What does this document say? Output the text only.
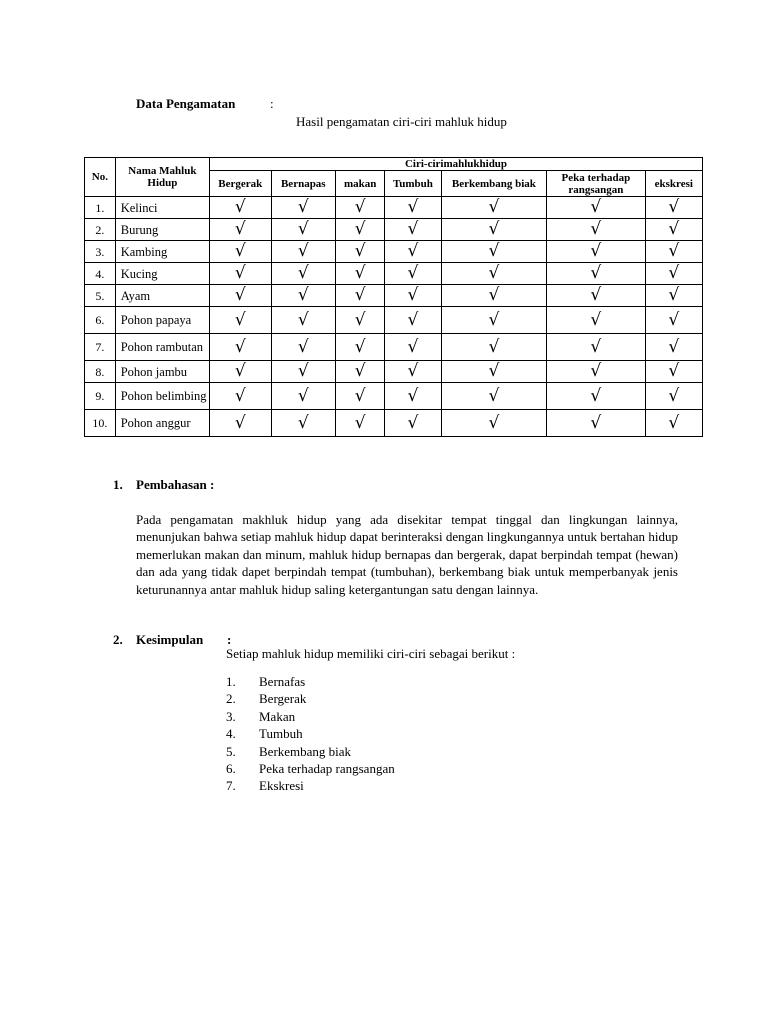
Data Pengamatan	:
Hasil pengamatan ciri-ciri mahluk hidup
No.	Nama Mahluk Hidup	Ciri-cirimahlukhidup						
		Bergerak	Bernapas	makan	Tumbuh	Berkembang biak	Peka terhadap rangsangan	ekskresi
1.	Kelinci	√	√	√	√	√	√	√
2.	Burung	√	√	√	√	√	√	√
3.	Kambing	√	√	√	√	√	√	√
4.	Kucing	√	√	√	√	√	√	√
5.	Ayam	√	√	√	√	√	√	√
6.	Pohon papaya	√	√	√	√	√	√	√
7.	Pohon rambutan	√	√	√	√	√	√	√
8.	Pohon jambu	√	√	√	√	√	√	√
9.	Pohon belimbing	√	√	√	√	√	√	√
10.	Pohon anggur	√	√	√	√	√	√	√
1. Pembahasan :
Pada pengamatan makhluk hidup yang ada disekitar tempat tinggal dan lingkungan lainnya, menunjukan bahwa setiap mahluk hidup dapat berinteraksi dengan lingkungannya untuk bertahan hidup memerlukan makan dan minum, mahluk hidup bernapas dan bergerak, dapat berpindah tempat (hewan) dan ada yang tidak dapet berpindah tempat (tumbuhan), berkembang biak untuk memperbanyak jenis keturunannya antar mahluk hidup saling ketergantungan satu dengan lainnya.
2. Kesimpulan :
Setiap mahluk hidup memiliki ciri-ciri sebagai berikut :
1. Bernafas
2. Bergerak
3. Makan
4. Tumbuh
5. Berkembang biak
6. Peka terhadap rangsangan
7. Ekskresi
